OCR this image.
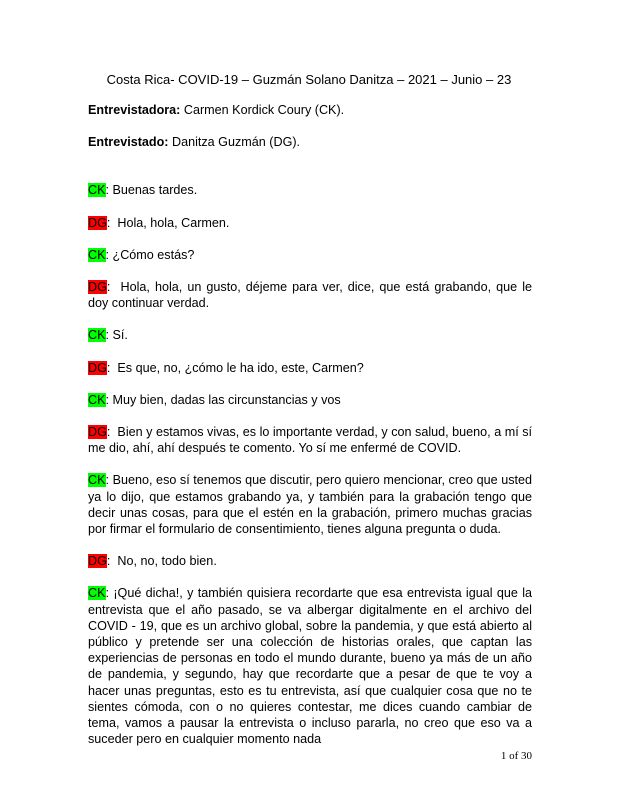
Costa Rica- COVID-19 – Guzmán Solano Danitza – 2021 – Junio – 23

Entrevistadora: Carmen Kordick Coury (CK).

Entrevistado: Danitza Guzmán (DG).

CK: Buenas tardes.

DG:  Hola, hola, Carmen.

CK: ¿Cómo estás?

DG:  Hola, hola, un gusto, déjeme para ver, dice, que está grabando, que le doy continuar verdad.

CK: Sí.

DG:  Es que, no, ¿cómo le ha ido, este, Carmen?

CK: Muy bien, dadas las circunstancias y vos

DG:  Bien y estamos vivas, es lo importante verdad, y con salud, bueno, a mí sí me dio, ahí, ahí después te comento. Yo sí me enfermé de COVID.

CK: Bueno, eso sí tenemos que discutir, pero quiero mencionar, creo que usted ya lo dijo, que estamos grabando ya, y también para la grabación tengo que decir unas cosas, para que el estén en la grabación, primero muchas gracias por firmar el formulario de consentimiento, tienes alguna pregunta o duda.

DG:  No, no, todo bien.

CK: ¡Qué dicha!, y también quisiera recordarte que esa entrevista igual que la entrevista que el año pasado, se va albergar digitalmente en el archivo del COVID - 19, que es un archivo global, sobre la pandemia, y que está abierto al público y pretende ser una colección de historias orales, que captan las experiencias de personas en todo el mundo durante, bueno ya más de un año de pandemia, y segundo, hay que recordarte que a pesar de que te voy a hacer unas preguntas, esto es tu entrevista, así que cualquier cosa que no te sientes cómoda, con o no quieres contestar, me dices cuando cambiar de tema, vamos a pausar la entrevista o incluso pararla, no creo que eso va a suceder pero en cualquier momento nada

1 of 30
